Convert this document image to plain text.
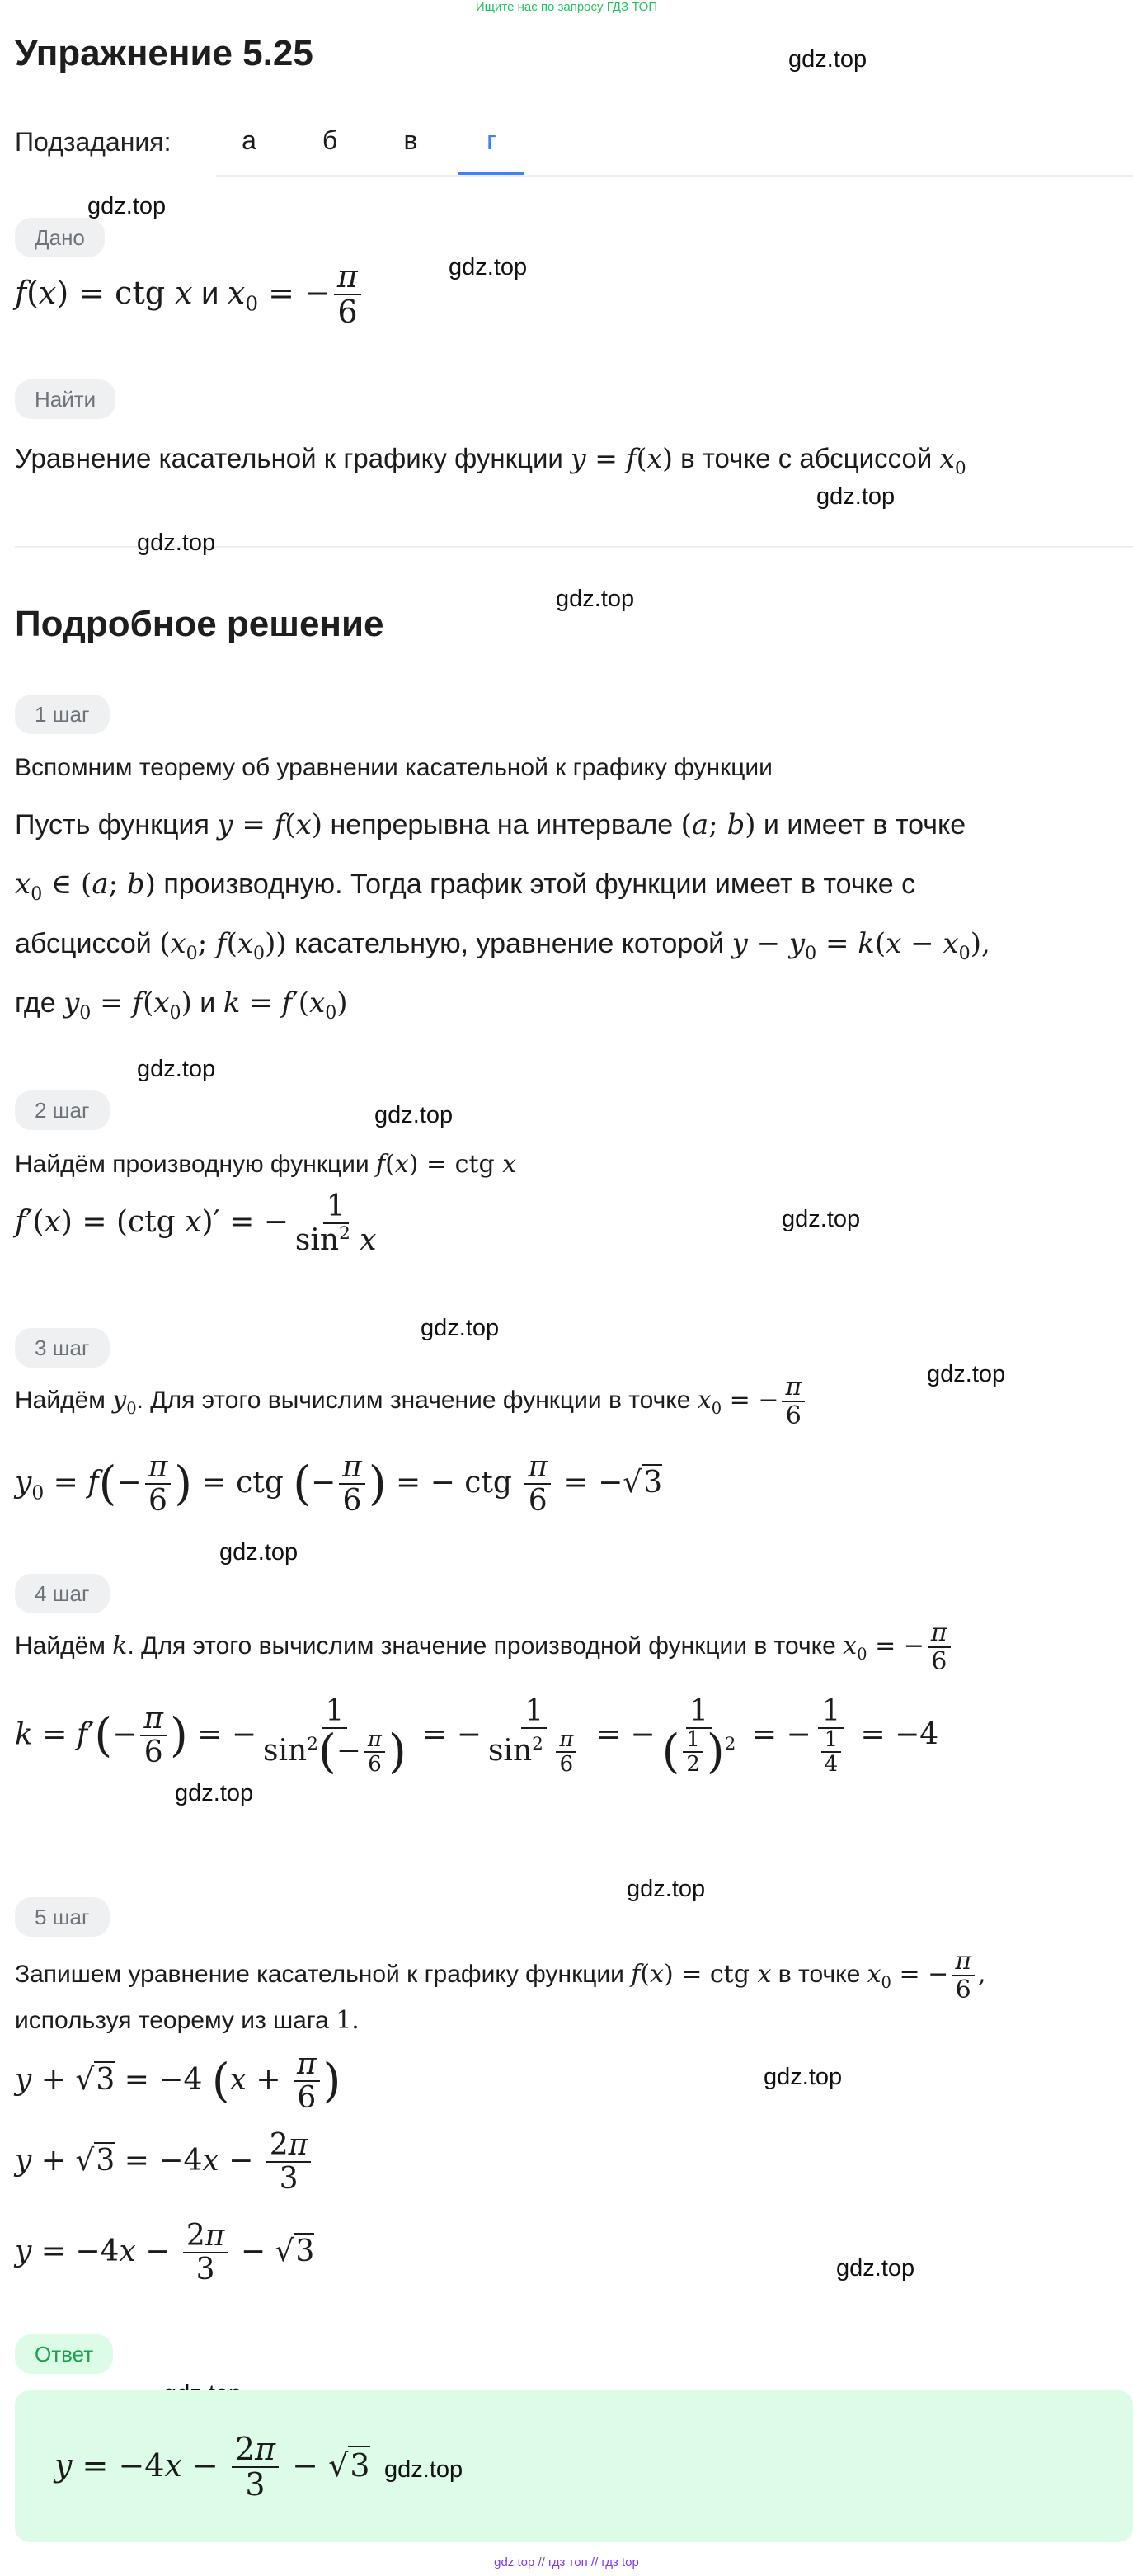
Ищите нас по запросу ГДЗ ТОП
Упражнение 5.25	gdz.top
Подзадания:	а	б	в	г
gdz.top
Дано
gdz.top
f(x) = ctg x и $x_0$ = − $\frac{\pi}{6}$
Найти
Уравнение касательной к графику функции y = f(x) в точке с абсциссой $x_0$
gdz.top
gdz.top
Подробное решение
gdz.top
1 шаг
Вспомним теорему об уравнении касательной к графику функции
Пусть функция y = f(x) непрерывна на интервале (a; b) и имеет в точке
$x_0$ ∈ (a; b) производную. Тогда график этой функции имеет в точке с
абсциссой ($x_0$; $f(x_0)$) касательную, уравнение которой $y - y_0 = k(x - x_0)$,
где $y_0 = f(x_0)$ и $k = f'(x_0)$
gdz.top
2 шаг	gdz.top
Найдём производную функции f(x) = ctg x
f′(x) = (ctg x)′ = − $\frac{1}{\sin^2 x}$	gdz.top
gdz.top
3 шаг
gdz.top
Найдём $y_0$. Для этого вычислим значение функции в точке $x_0$ = − $\frac{\pi}{6}$
$y_0 = f(- \frac{\pi}{6}$ ) = ctg (− $\frac{\pi}{6}$ ) = − ctg $\frac{\pi}{6} = -√3$
gdz.top
4 шаг
Найдём k. Для этого вычислим значение производной функции в точке $x_0$ = − $\frac{\pi}{6}$
$k = f'(- \frac{\pi}{6}$ ) = − $\frac{1}{\sin^2(- \frac{\pi}{6} )}$ = − $\frac{1}{\sin^2 \frac{\pi}{6}}$ = − $\frac{1}{( \frac{1}{2} )^2}$ = − $\frac{1}{\frac{1}{4}} = -4$
gdz.top
gdz.top
5 шаг
Запишем уравнение касательной к графику функции f(x) = ctg x в точке $x_0$ = − $\frac{\pi}{6}$ ,
используя теорему из шага 1.
y + √3 = −4 ($x + \frac{\pi}{6}$ )	gdz.top
$y + √3 = -4x - \frac{2\pi}{3}$
$y = -4x - \frac{2\pi}{3} - √3$	gdz.top
Ответ
$y = -4x - \frac{2\pi}{3} - √3$ gdz.top
gdz top // гдз топ // гдз top
